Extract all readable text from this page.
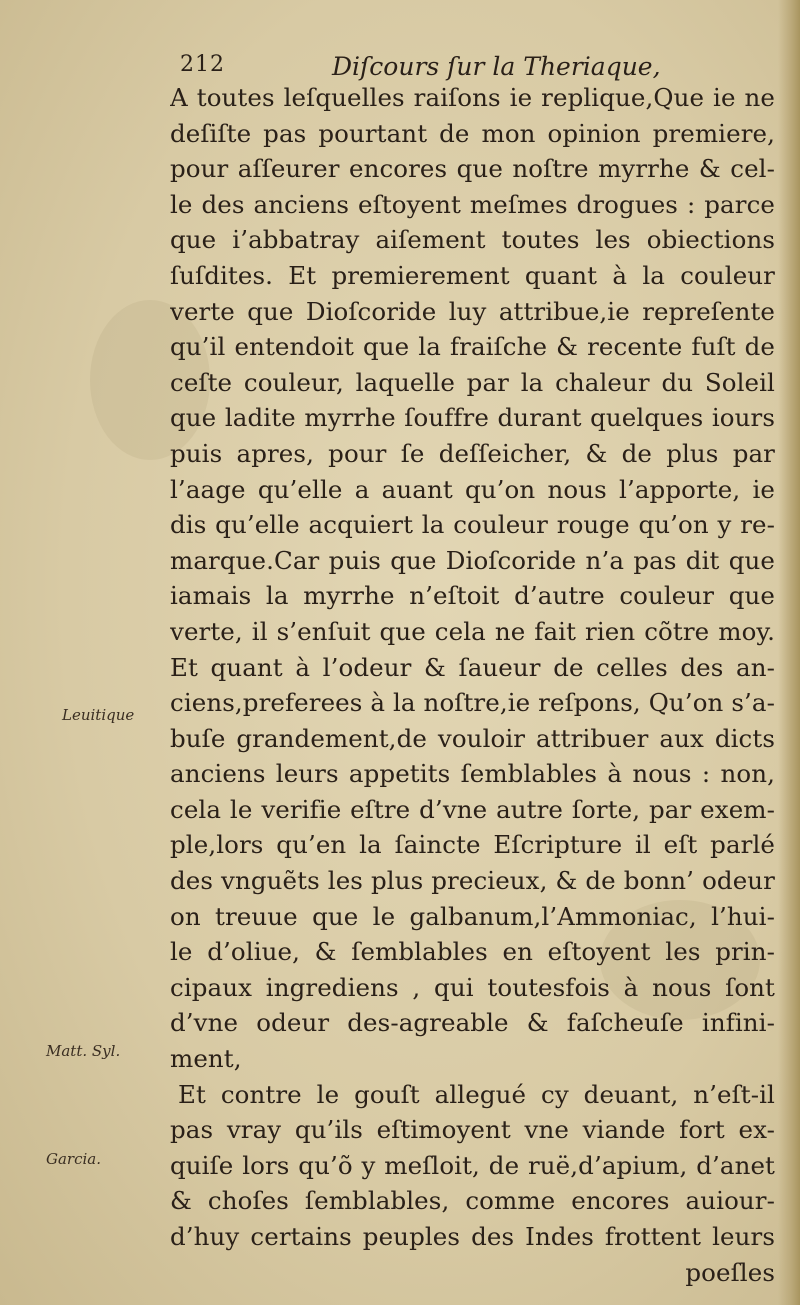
212	Diſcours ſur la Theriaque,
A toutes leſquelles raiſons ie replique,Que ie ne
deſiſte pas pourtant de mon opinion premiere,
pour aſſeurer encores que noſtre myrrhe & cel-
le des anciens eſtoyent meſmes drogues : parce
que i’abbatray aiſement toutes les obiections
ſuſdites. Et premierement quant à la couleur
verte que Dioſcoride luy attribue,ie repreſente
qu’il entendoit que la fraiſche & recente fuſt de
ceſte couleur, laquelle par la chaleur du Soleil
que ladite myrrhe ſouffre durant quelques iours
puis apres, pour ſe deſſeicher, & de plus par
l’aage qu’elle a auant qu’on nous l’apporte, ie
dis qu’elle acquiert la couleur rouge qu’on y re-
marque.Car puis que Dioſcoride n’a pas dit que
iamais la myrrhe n’eſtoit d’autre couleur que
verte, il s’enſuit que cela ne fait rien cõtre moy.
Et quant à l’odeur & ſaueur de celles des an-
ciens,preferees à la noſtre,ie reſpons, Qu’on s’a-
buſe grandement,de vouloir attribuer aux dicts
anciens leurs appetits ſemblables à nous : non,
cela le verifie eſtre d’vne autre ſorte, par exem-
ple,lors qu’en la ſaincte Eſcripture il eſt parlé
des vnguẽts les plus precieux, & de bonn’ odeur
on treuue que le galbanum,l’Ammoniac, l’hui-
le d’oliue, & ſemblables en eſtoyent les prin-
cipaux ingrediens , qui toutesfois à nous ſont
d’vne odeur des-agreable & faſcheuſe infini-
ment,
Et contre le gouſt allegué cy deuant, n’eſt-il
pas vray qu’ils eſtimoyent vne viande fort ex-
quiſe lors qu’õ y meſloit, de ruë,d’apium, d’anet
& choſes ſemblables, comme encores auiour-
d’huy certains peuples des Indes frottent leurs
poeſles
Leuitique
Matt. Syl.
Garcia.
